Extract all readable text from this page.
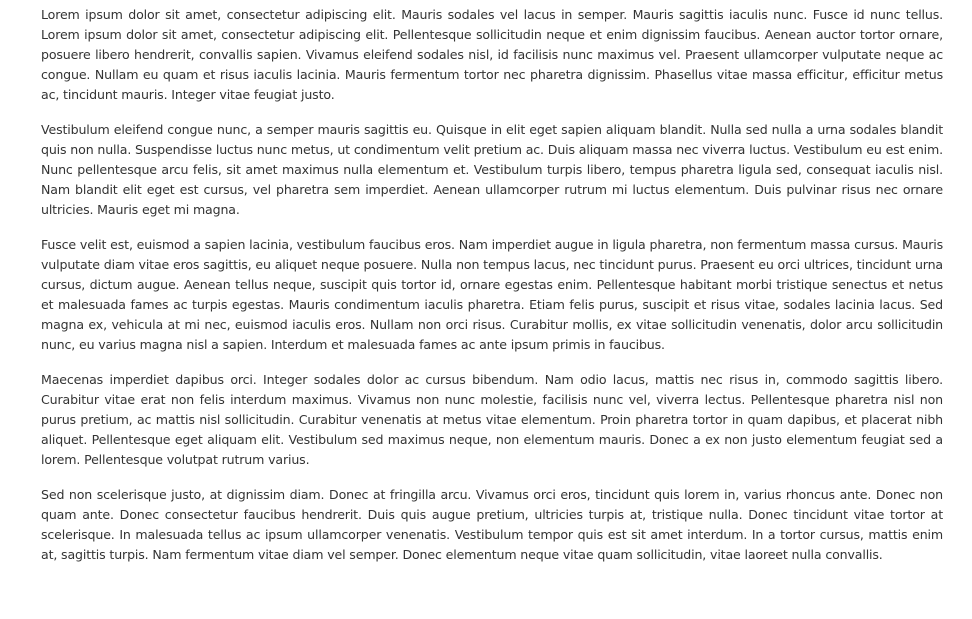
Lorem ipsum dolor sit amet, consectetur adipiscing elit. Mauris sodales vel lacus in semper. Mauris sagittis iaculis nunc. Fusce id nunc tellus. Lorem ipsum dolor sit amet, consectetur adipiscing elit. Pellentesque sollicitudin neque et enim dignissim faucibus. Aenean auctor tortor ornare, posuere libero hendrerit, convallis sapien. Vivamus eleifend sodales nisl, id facilisis nunc maximus vel. Praesent ullamcorper vulputate neque ac congue. Nullam eu quam et risus iaculis lacinia. Mauris fermentum tortor nec pharetra dignissim. Phasellus vitae massa efficitur, efficitur metus ac, tincidunt mauris. Integer vitae feugiat justo.

Vestibulum eleifend congue nunc, a semper mauris sagittis eu. Quisque in elit eget sapien aliquam blandit. Nulla sed nulla a urna sodales blandit quis non nulla. Suspendisse luctus nunc metus, ut condimentum velit pretium ac. Duis aliquam massa nec viverra luctus. Vestibulum eu est enim. Nunc pellentesque arcu felis, sit amet maximus nulla elementum et. Vestibulum turpis libero, tempus pharetra ligula sed, consequat iaculis nisl. Nam blandit elit eget est cursus, vel pharetra sem imperdiet. Aenean ullamcorper rutrum mi luctus elementum. Duis pulvinar risus nec ornare ultricies. Mauris eget mi magna.

Fusce velit est, euismod a sapien lacinia, vestibulum faucibus eros. Nam imperdiet augue in ligula pharetra, non fermentum massa cursus. Mauris vulputate diam vitae eros sagittis, eu aliquet neque posuere. Nulla non tempus lacus, nec tincidunt purus. Praesent eu orci ultrices, tincidunt urna cursus, dictum augue. Aenean tellus neque, suscipit quis tortor id, ornare egestas enim. Pellentesque habitant morbi tristique senectus et netus et malesuada fames ac turpis egestas. Mauris condimentum iaculis pharetra. Etiam felis purus, suscipit et risus vitae, sodales lacinia lacus. Sed magna ex, vehicula at mi nec, euismod iaculis eros. Nullam non orci risus. Curabitur mollis, ex vitae sollicitudin venenatis, dolor arcu sollicitudin nunc, eu varius magna nisl a sapien. Interdum et malesuada fames ac ante ipsum primis in faucibus.

Maecenas imperdiet dapibus orci. Integer sodales dolor ac cursus bibendum. Nam odio lacus, mattis nec risus in, commodo sagittis libero. Curabitur vitae erat non felis interdum maximus. Vivamus non nunc molestie, facilisis nunc vel, viverra lectus. Pellentesque pharetra nisl non purus pretium, ac mattis nisl sollicitudin. Curabitur venenatis at metus vitae elementum. Proin pharetra tortor in quam dapibus, et placerat nibh aliquet. Pellentesque eget aliquam elit. Vestibulum sed maximus neque, non elementum mauris. Donec a ex non justo elementum feugiat sed a lorem. Pellentesque volutpat rutrum varius.

Sed non scelerisque justo, at dignissim diam. Donec at fringilla arcu. Vivamus orci eros, tincidunt quis lorem in, varius rhoncus ante. Donec non quam ante. Donec consectetur faucibus hendrerit. Duis quis augue pretium, ultricies turpis at, tristique nulla. Donec tincidunt vitae tortor at scelerisque. In malesuada tellus ac ipsum ullamcorper venenatis. Vestibulum tempor quis est sit amet interdum. In a tortor cursus, mattis enim at, sagittis turpis. Nam fermentum vitae diam vel semper. Donec elementum neque vitae quam sollicitudin, vitae laoreet nulla convallis.
